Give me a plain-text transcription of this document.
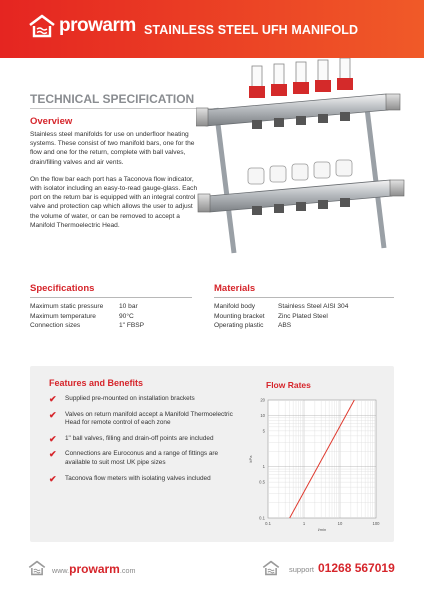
prowarm STAINLESS STEEL UFH MANIFOLD
TECHNICAL SPECIFICATION
Overview

Stainless steel manifolds for use on underfloor heating systems. These consist of two manifold bars, one for the flow and one for the return, complete with ball valves, drain/filling valves and air vents.

On the flow bar each port has a Taconova flow indicator, with isolator including an easy-to-read gauge-glass. Each port on the return bar is equipped with an integral control valve and protection cap which allows the user to adjust the volume of water, or can be removed to accept a Manifold Thermoelectric Head.

Specifications
Maximum static pressure	10 bar
Maximum temperature	90°C
Connection sizes	1" FBSP
Materials
Manifold body	Stainless Steel AISI 304
Mounting bracket	Zinc Plated Steel
Operating plastic	ABS
Features and Benefits
✔	Supplied pre-mounted on installation brackets
✔	Valves on return manifold accept a Manifold Thermoelectric Head for remote control of each zone
✔	1" ball valves, filling and drain-off points are included
✔	Connections are Euroconus and a range of fittings are available to suit most UK pipe sizes
✔	Taconova flow meters with isolating valves included
Flow Rates
0.1	1	10	100
0.1
0.5
1
5
10
20
l/min
kPa
www.prowarm.com	support 01268 567019
